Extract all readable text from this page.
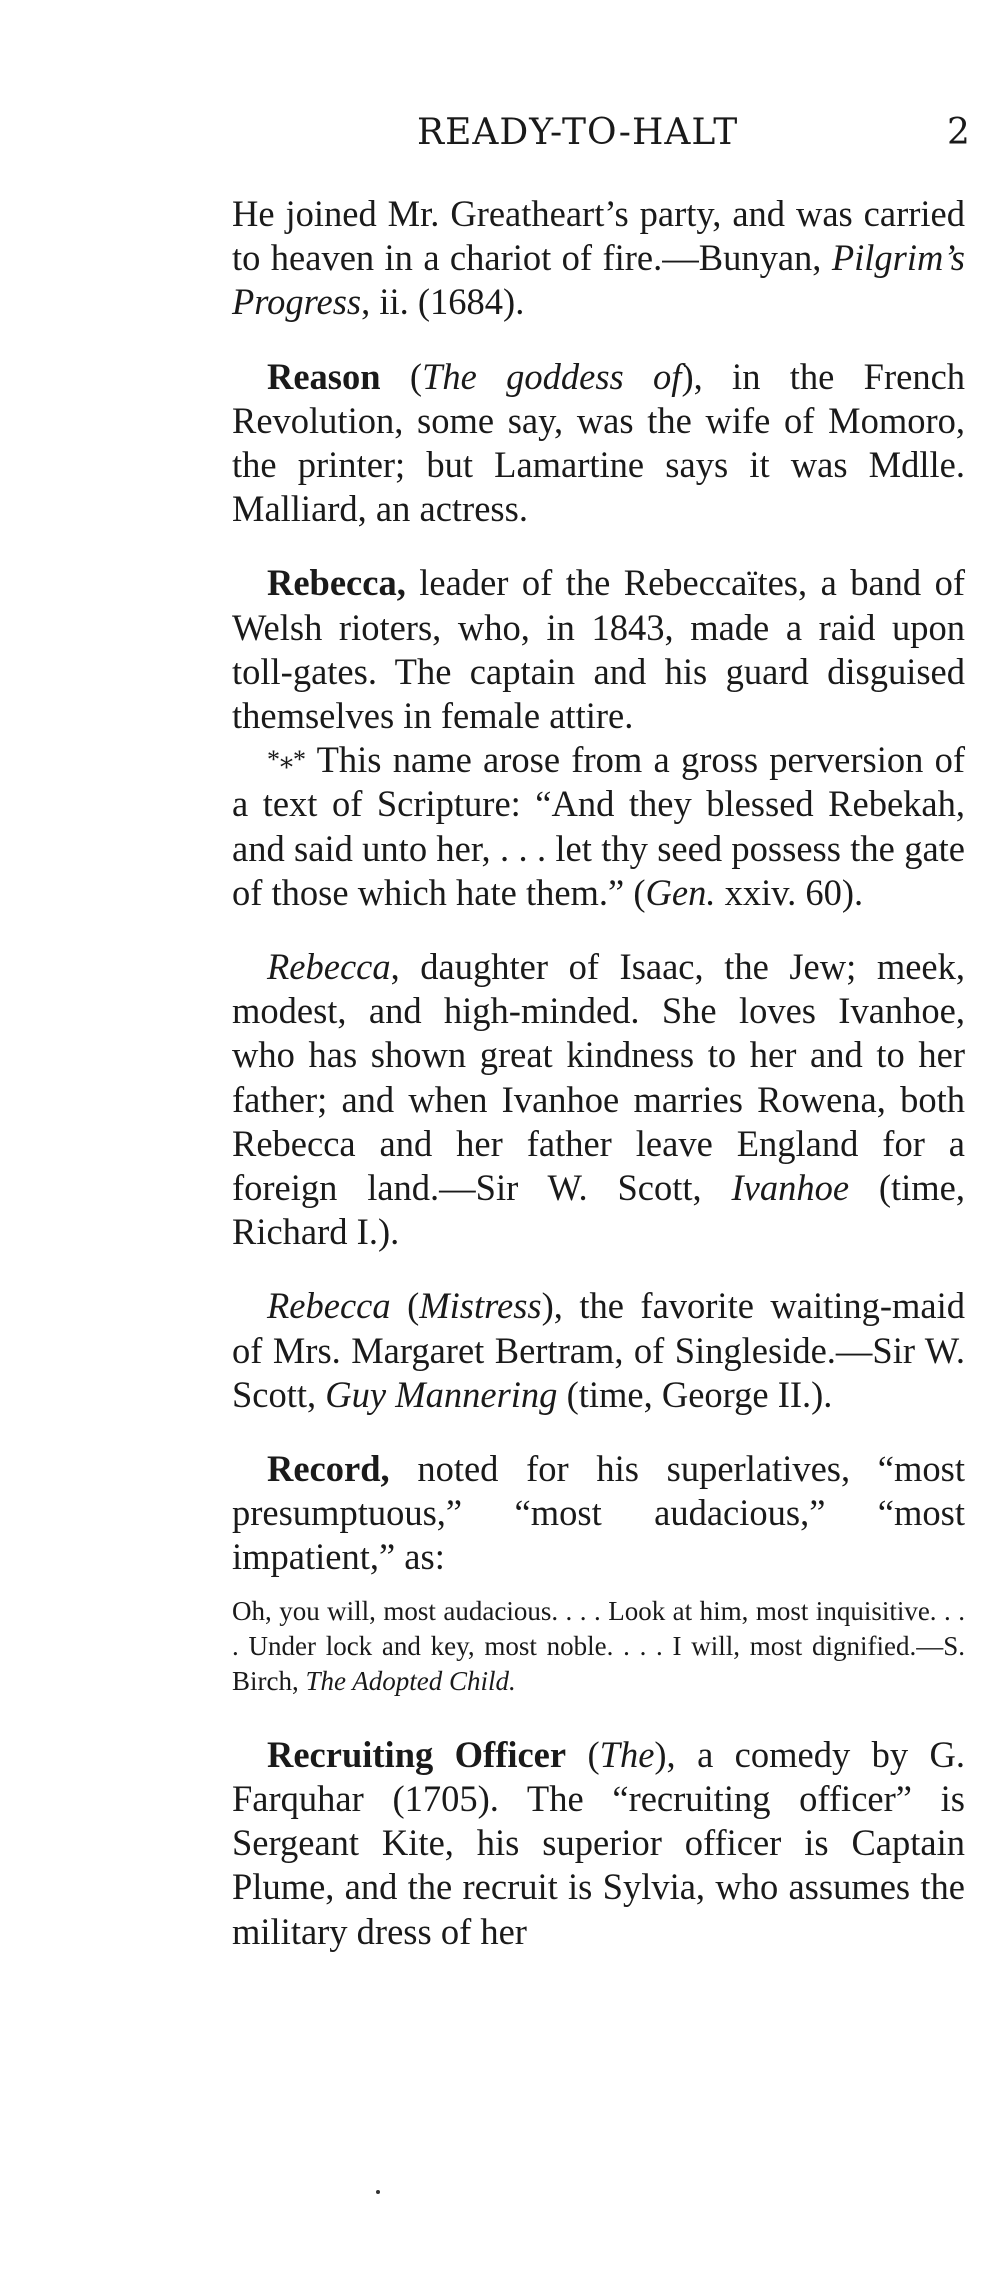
READY-TO-HALT	2

He joined Mr. Greatheart’s party, and was carried to heaven in a chariot of fire.—Bunyan, Pilgrim’s Progress, ii. (1684).

Reason (The goddess of), in the French Revolution, some say, was the wife of Momoro, the printer; but Lamartine says it was Mdlle. Malliard, an actress.

Rebecca, leader of the Rebeccaïtes, a band of Welsh rioters, who, in 1843, made a raid upon toll-gates. The captain and his guard disguised themselves in female attire.

*⁎* This name arose from a gross perversion of a text of Scripture: “And they blessed Rebekah, and said unto her, . . . let thy seed possess the gate of those which hate them.” (Gen. xxiv. 60).

Rebecca, daughter of Isaac, the Jew; meek, modest, and high-minded. She loves Ivanhoe, who has shown great kindness to her and to her father; and when Ivanhoe marries Rowena, both Rebecca and her father leave England for a foreign land.—Sir W. Scott, Ivanhoe (time, Richard I.).

Rebecca (Mistress), the favorite waiting-maid of Mrs. Margaret Bertram, of Singleside.—Sir W. Scott, Guy Mannering (time, George II.).

Record, noted for his superlatives, “most presumptuous,” “most audacious,” “most impatient,” as:

Oh, you will, most audacious. . . . Look at him, most inquisitive. . . . Under lock and key, most noble. . . . I will, most dignified.—S. Birch, The Adopted Child.

Recruiting Officer (The), a comedy by G. Farquhar (1705). The “recruiting officer” is Sergeant Kite, his superior officer is Captain Plume, and the recruit is Sylvia, who assumes the military dress of her
